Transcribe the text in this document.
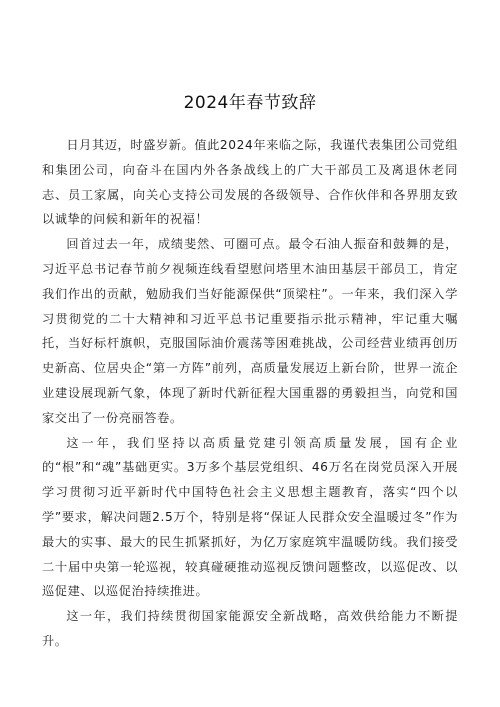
2024年春节致辞

日月其迈，时盛岁新。值此2024年来临之际，我谨代表集团公司党组和集团公司，向奋斗在国内外各条战线上的广大干部员工及离退休老同志、员工家属，向关心支持公司发展的各级领导、合作伙伴和各界朋友致以诚挚的问候和新年的祝福！

回首过去一年，成绩斐然、可圈可点。最令石油人振奋和鼓舞的是，习近平总书记春节前夕视频连线看望慰问塔里木油田基层干部员工，肯定我们作出的贡献，勉励我们当好能源保供“顶梁柱”。一年来，我们深入学习贯彻党的二十大精神和习近平总书记重要指示批示精神，牢记重大嘱托，当好标杆旗帜，克服国际油价震荡等困难挑战，公司经营业绩再创历史新高、位居央企“第一方阵”前列，高质量发展迈上新台阶，世界一流企业建设展现新气象，体现了新时代新征程大国重器的勇毅担当，向党和国家交出了一份亮丽答卷。

这一年，我们坚持以高质量党建引领高质量发展，国有企业的“根”和“魂”基础更实。3万多个基层党组织、46万名在岗党员深入开展学习贯彻习近平新时代中国特色社会主义思想主题教育，落实“四个以学”要求，解决问题2.5万个，特别是将“保证人民群众安全温暖过冬”作为最大的实事、最大的民生抓紧抓好，为亿万家庭筑牢温暖防线。我们接受二十届中央第一轮巡视，较真碰硬推动巡视反馈问题整改，以巡促改、以巡促建、以巡促治持续推进。

这一年，我们持续贯彻国家能源安全新战略，高效供给能力不断提升。
